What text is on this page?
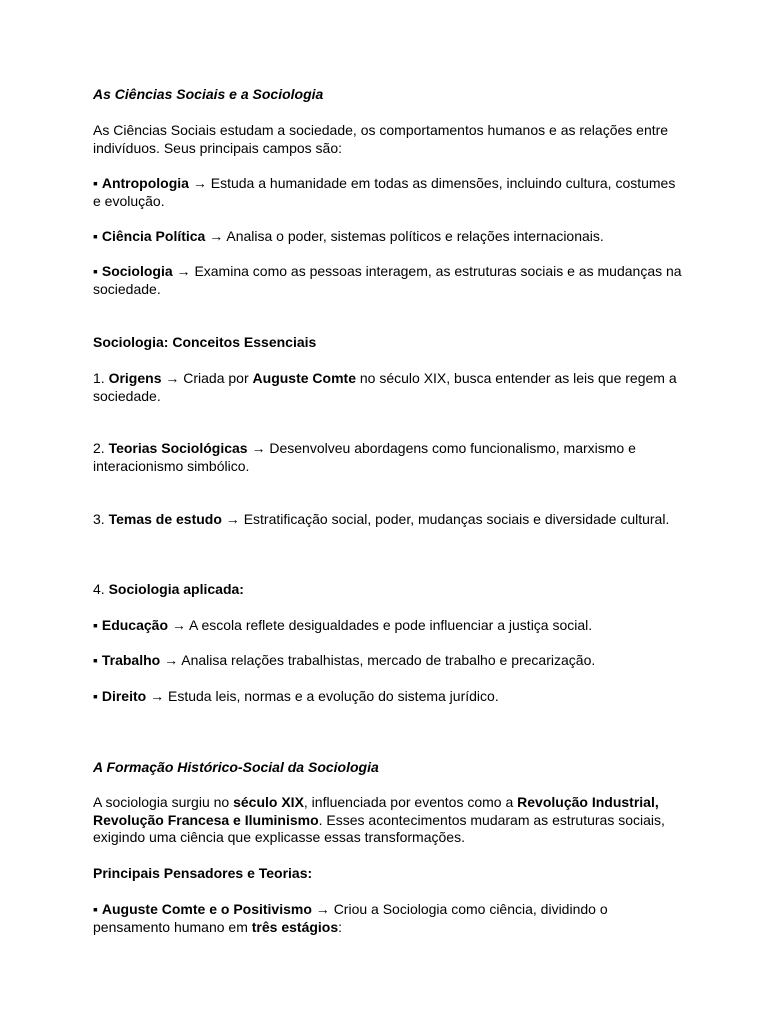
As Ciências Sociais e a Sociologia

As Ciências Sociais estudam a sociedade, os comportamentos humanos e as relações entre indivíduos. Seus principais campos são:

▪ Antropologia → Estuda a humanidade em todas as dimensões, incluindo cultura, costumes e evolução.

▪ Ciência Política → Analisa o poder, sistemas políticos e relações internacionais.

▪ Sociologia → Examina como as pessoas interagem, as estruturas sociais e as mudanças na sociedade.

Sociologia: Conceitos Essenciais

1. Origens → Criada por Auguste Comte no século XIX, busca entender as leis que regem a sociedade.

2. Teorias Sociológicas → Desenvolveu abordagens como funcionalismo, marxismo e interacionismo simbólico.

3. Temas de estudo → Estratificação social, poder, mudanças sociais e diversidade cultural.

4. Sociologia aplicada:

▪ Educação → A escola reflete desigualdades e pode influenciar a justiça social.

▪ Trabalho → Analisa relações trabalhistas, mercado de trabalho e precarização.

▪ Direito → Estuda leis, normas e a evolução do sistema jurídico.

A Formação Histórico-Social da Sociologia

A sociologia surgiu no século XIX, influenciada por eventos como a Revolução Industrial, Revolução Francesa e Iluminismo. Esses acontecimentos mudaram as estruturas sociais, exigindo uma ciência que explicasse essas transformações.

Principais Pensadores e Teorias:

▪ Auguste Comte e o Positivismo → Criou a Sociologia como ciência, dividindo o pensamento humano em três estágios:
